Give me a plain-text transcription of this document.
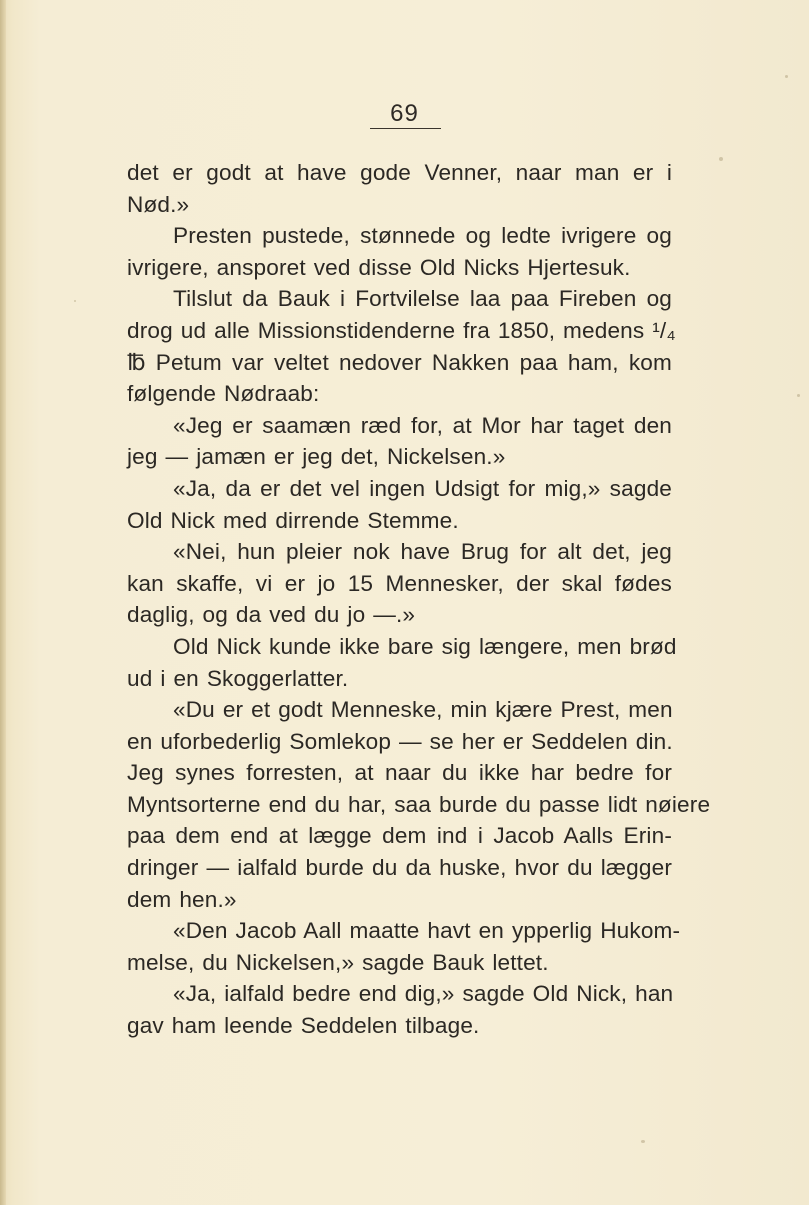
69
det er godt at have gode Venner, naar man er i
Nød.»
Presten pustede, stønnede og ledte ivrigere og
ivrigere, ansporet ved disse Old Nicks Hjertesuk.
Tilslut da Bauk i Fortvilelse laa paa Fireben og
drog ud alle Missionstidenderne fra 1850, medens ¹/₄
℔ Petum var veltet nedover Nakken paa ham, kom
følgende Nødraab:
«Jeg er saamæn ræd for, at Mor har taget den
jeg — jamæn er jeg det, Nickelsen.»
«Ja, da er det vel ingen Udsigt for mig,» sagde
Old Nick med dirrende Stemme.
«Nei, hun pleier nok have Brug for alt det, jeg
kan skaffe, vi er jo 15 Mennesker, der skal fødes
daglig, og da ved du jo —.»
Old Nick kunde ikke bare sig længere, men brød
ud i en Skoggerlatter.
«Du er et godt Menneske, min kjære Prest, men
en uforbederlig Somlekop — se her er Seddelen din.
Jeg synes forresten, at naar du ikke har bedre for
Myntsorterne end du har, saa burde du passe lidt nøiere
paa dem end at lægge dem ind i Jacob Aalls Erin-
dringer — ialfald burde du da huske, hvor du lægger
dem hen.»
«Den Jacob Aall maatte havt en ypperlig Hukom-
melse, du Nickelsen,» sagde Bauk lettet.
«Ja, ialfald bedre end dig,» sagde Old Nick, han
gav ham leende Seddelen tilbage.
